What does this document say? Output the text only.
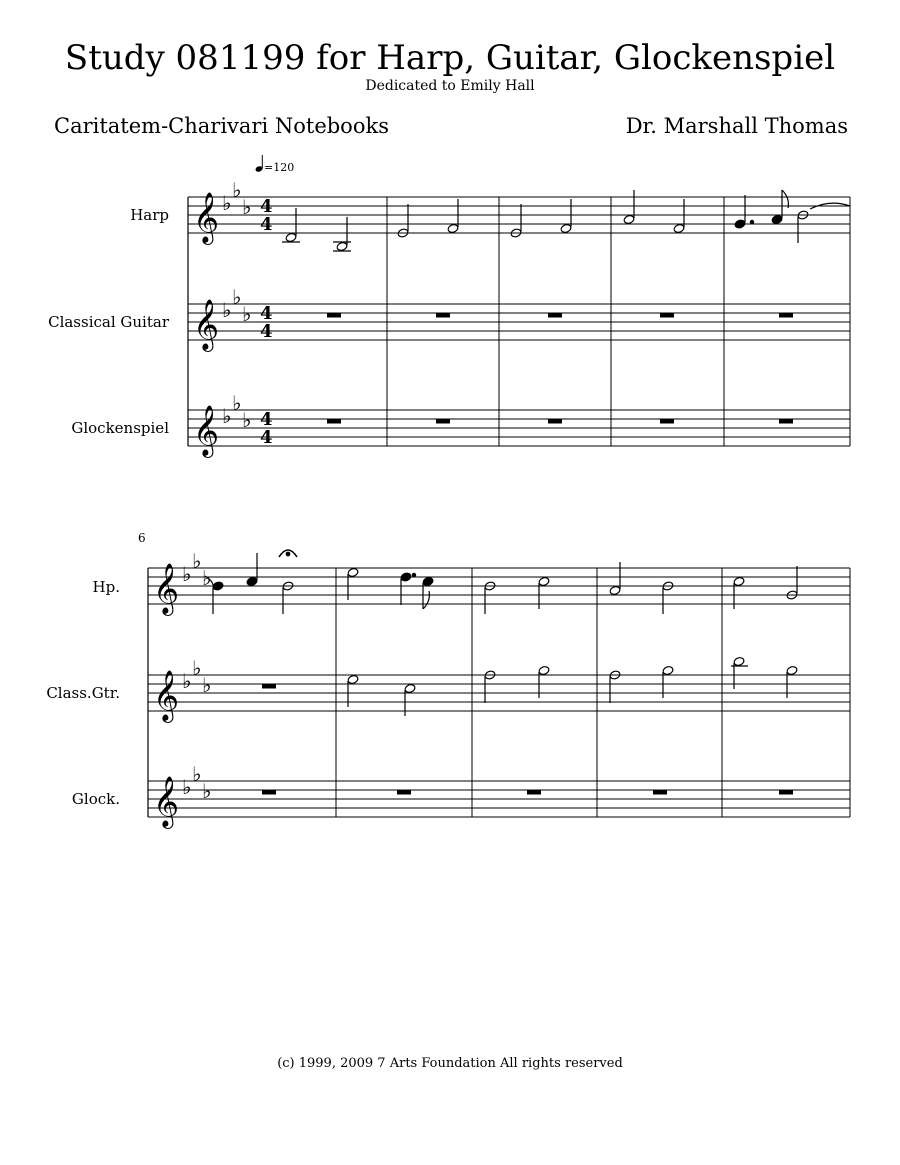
Study 081199 for Harp, Guitar, Glockenspiel
Dedicated to Emily Hall
Caritatem-Charivari Notebooks	Dr. Marshall Thomas
(c) 1999, 2009 7 Arts Foundation All rights reserved
=120
Harp
Classical Guitar
Glockenspiel
𝄞
𝄞
𝄞
♭
♭
♭
♭
♭
♭
♭
♭
♭
4
4
4
4
4
4
6
Hp.
Class.Gtr.
Glock.
𝄞
𝄞
𝄞
♭
♭
♭
♭
♭
♭
♭
♭
♭
